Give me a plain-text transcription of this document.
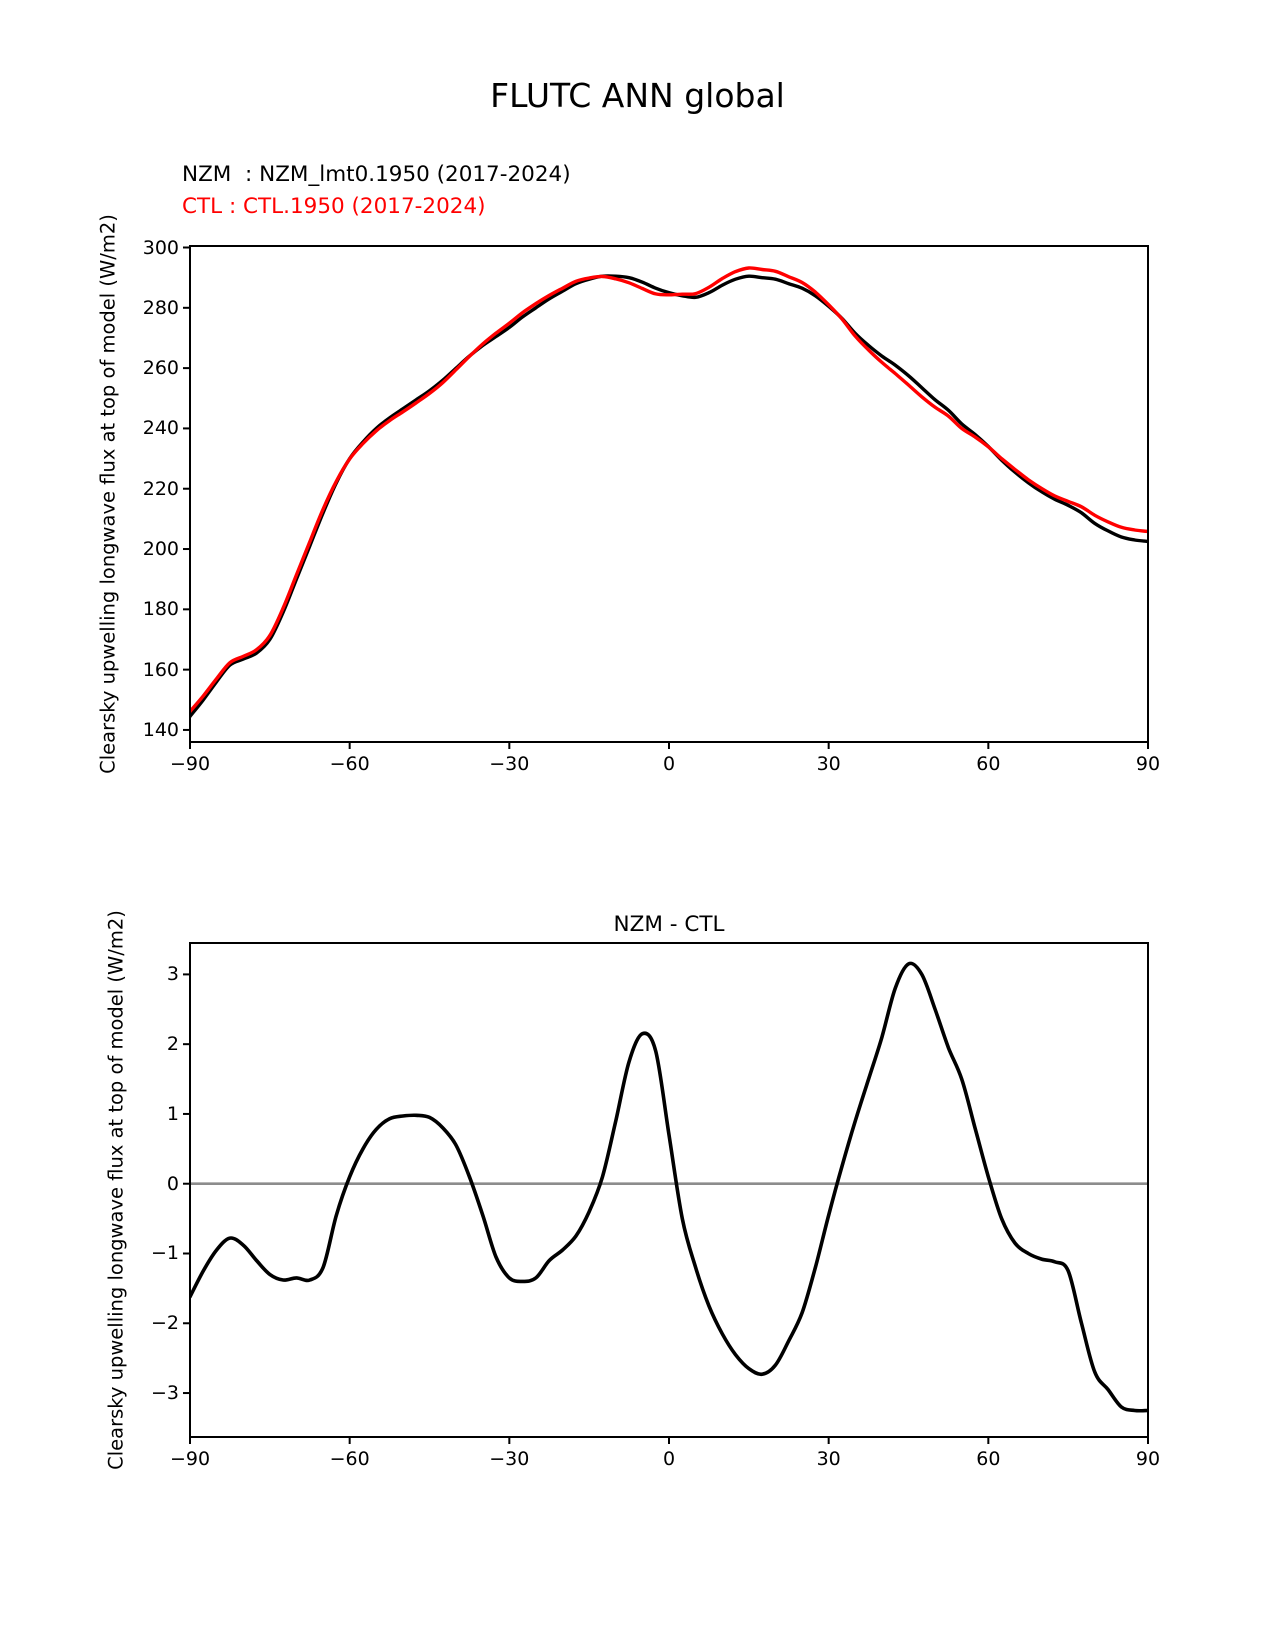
FLUTC ANN global
NZM  : NZM_lmt0.1950 (2017-2024)
CTL : CTL.1950 (2017-2024)
Clearsky upwelling longwave flux at top of model (W/m2)
Clearsky upwelling longwave flux at top of model (W/m2)	NZM - CTL
−90	−60	−30	0	30	60	90
140
160
180
200
220
240
260
280
300
−90	−60	−30	0	30	60	90
−3
−2
−1
0
1
2
3
